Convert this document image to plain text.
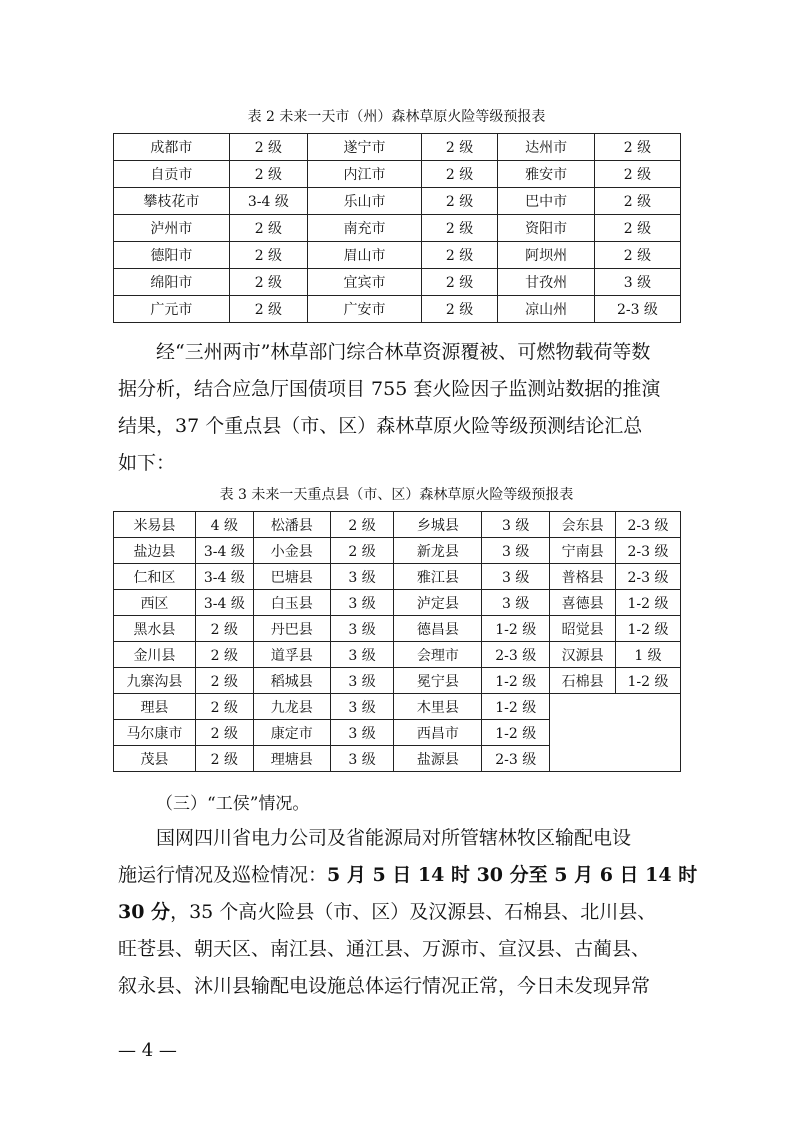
表 2 未来一天市（州）森林草原火险等级预报表
成都市	2 级	遂宁市	2 级	达州市	2 级
自贡市	2 级	内江市	2 级	雅安市	2 级
攀枝花市	3-4 级	乐山市	2 级	巴中市	2 级
泸州市	2 级	南充市	2 级	资阳市	2 级
德阳市	2 级	眉山市	2 级	阿坝州	2 级
绵阳市	2 级	宜宾市	2 级	甘孜州	3 级
广元市	2 级	广安市	2 级	凉山州	2-3 级

经“三州两市”林草部门综合林草资源覆被、可燃物载荷等数

据分析，结合应急厅国债项目 755 套火险因子监测站数据的推演

结果，37 个重点县（市、区）森林草原火险等级预测结论汇总

如下：

表 3 未来一天重点县（市、区）森林草原火险等级预报表
米易县	4 级	松潘县	2 级	乡城县	3 级	会东县	2-3 级
盐边县	3-4 级	小金县	2 级	新龙县	3 级	宁南县	2-3 级
仁和区	3-4 级	巴塘县	3 级	雅江县	3 级	普格县	2-3 级
西区	3-4 级	白玉县	3 级	泸定县	3 级	喜德县	1-2 级
黑水县	2 级	丹巴县	3 级	德昌县	1-2 级	昭觉县	1-2 级
金川县	2 级	道孚县	3 级	会理市	2-3 级	汉源县	1 级
九寨沟县	2 级	稻城县	3 级	冕宁县	1-2 级	石棉县	1-2 级
理县	2 级	九龙县	3 级	木里县	1-2 级		
马尔康市	2 级	康定市	3 级	西昌市	1-2 级		
茂县	2 级	理塘县	3 级	盐源县	2-3 级		
（三）“工侯”情况。

国网四川省电力公司及省能源局对所管辖林牧区输配电设

施运行情况及巡检情况：5 月 5 日 14 时 30 分至 5 月 6 日 14 时

30 分，35 个高火险县（市、区）及汉源县、石棉县、北川县、

旺苍县、朝天区、南江县、通江县、万源市、宣汉县、古蔺县、

叙永县、沐川县输配电设施总体运行情况正常，今日未发现异常

— 4 —
